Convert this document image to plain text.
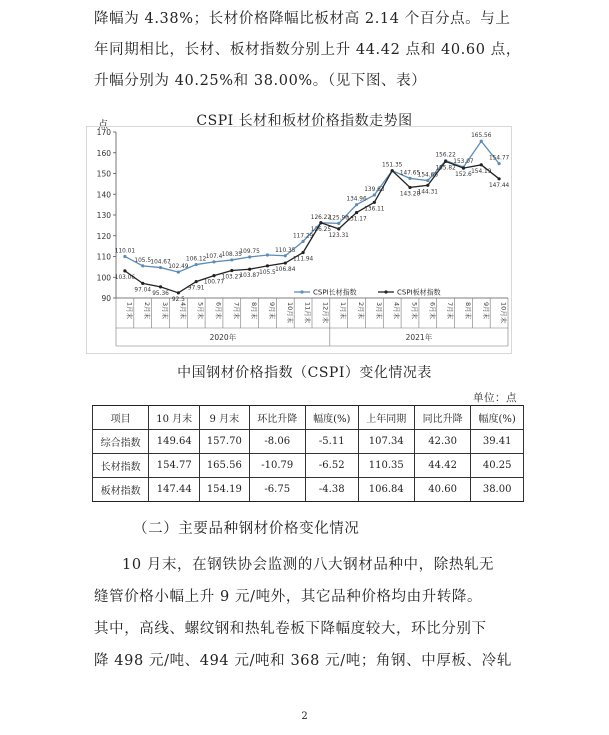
降幅为 4.38%；长材价格降幅比板材高 2.14 个百分点。与上
年同期相比，长材、板材指数分别上升 44.42 点和 40.60 点，
升幅分别为 40.25%和 38.00%。（见下图、表）
CSPI 长材和板材价格指数走势图
点
90
100
110
120
130
140
150
160
170
1月末 2月末 3月末 4月末 5月末 6月末 7月末 8月末 9月末 10月末 11月末 12月末 1月末 2月末 3月末 4月末 5月末 6月末 7月末 8月末 9月末 10月末
2020年	2021年
110.01
105.5 104.67
102.49
106.12 107.4 108.35
109.75	110.35
117.29
126.22
125.96
134.96
139.63
151.35
147.65
154.66
156.22
153.07
165.56
154.77
103.06
97.04
95.36
92.5
97.91
100.77
103.27
103.87
105.5 106.84
111.94
126.25
123.31
131.17
136.11
143.28
144.31
155.82
152.6
154.19
147.44
CSPI长材指数	CSPI板材指数
中国钢材价格指数（CSPI）变化情况表
单位：点
项目	10 月末	9 月末	环比升降	幅度(%)	上年同期	同比升降	幅度(%)
综合指数	149.64	157.70	-8.06	-5.11	107.34	42.30	39.41
长材指数	154.77	165.56	-10.79	-6.52	110.35	44.42	40.25
板材指数	147.44	154.19	-6.75	-4.38	106.84	40.60	38.00
（二）主要品种钢材价格变化情况
10 月末，在钢铁协会监测的八大钢材品种中，除热轧无
缝管价格小幅上升 9 元/吨外，其它品种价格均由升转降。
其中，高线、螺纹钢和热轧卷板下降幅度较大，环比分别下
降 498 元/吨、494 元/吨和 368 元/吨；角钢、中厚板、冷轧
2
